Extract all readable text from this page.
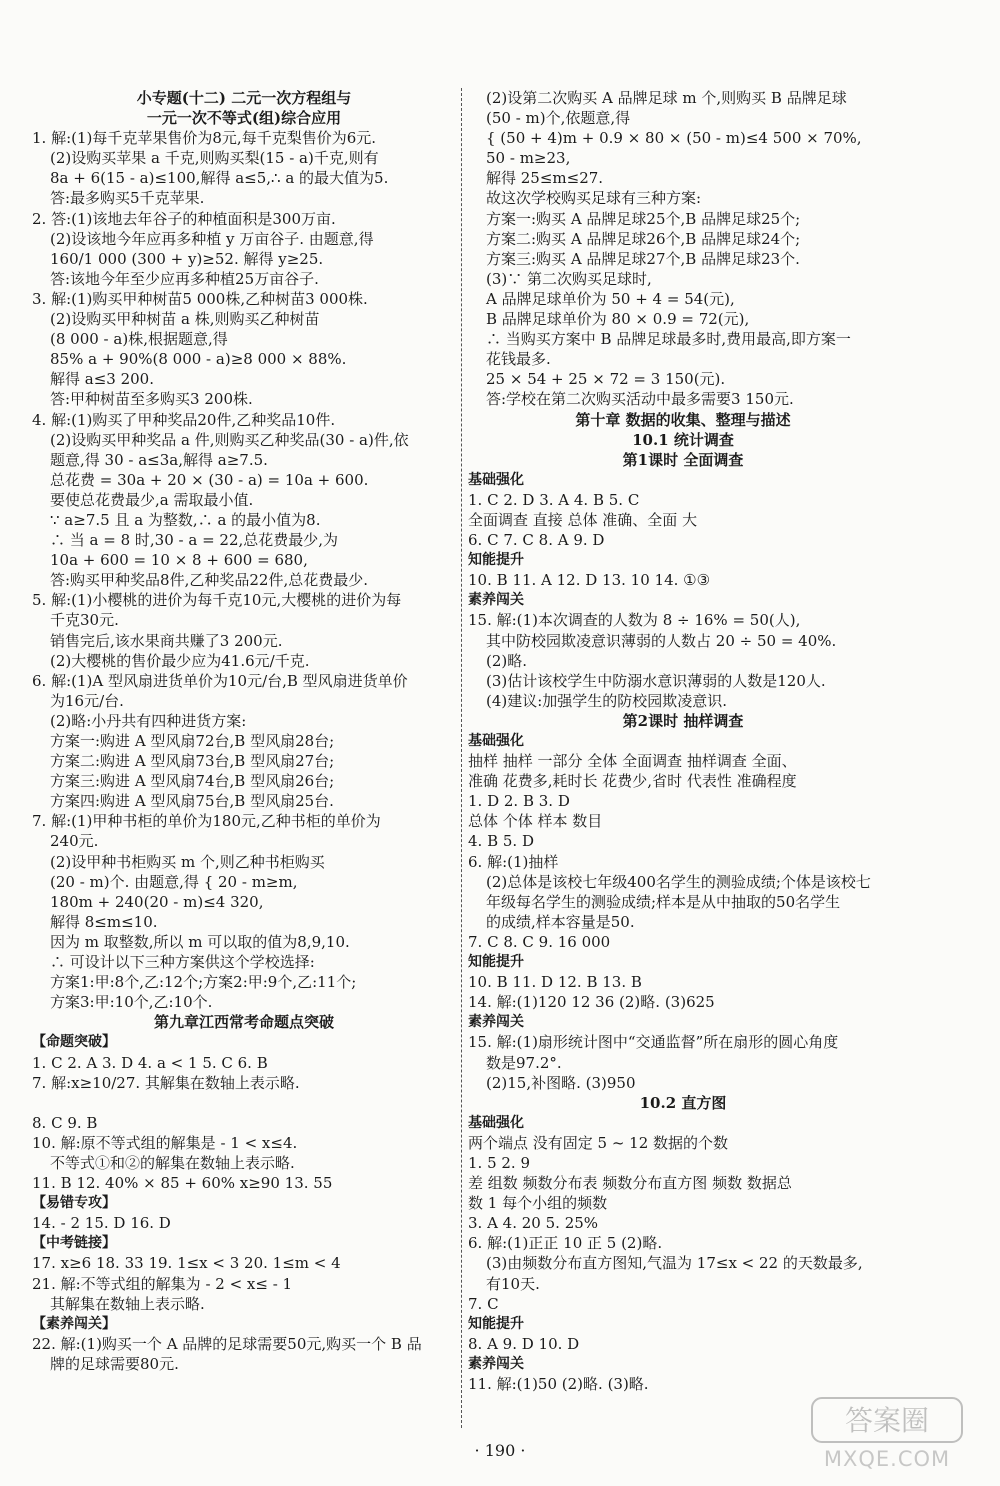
小专题(十二) 二元一次方程组与
一元一次不等式(组)综合应用
1. 解:(1)每千克苹果售价为8元,每千克梨售价为6元.
(2)设购买苹果 a 千克,则购买梨(15 - a)千克,则有
8a + 6(15 - a)≤100,解得 a≤5,∴ a 的最大值为5.
答:最多购买5千克苹果.
2. 答:(1)该地去年谷子的种植面积是300万亩.
(2)设该地今年应再多种植 y 万亩谷子. 由题意,得
160/1 000 (300 + y)≥52. 解得 y≥25.
答:该地今年至少应再多种植25万亩谷子.
3. 解:(1)购买甲种树苗5 000株,乙种树苗3 000株.
(2)设购买甲种树苗 a 株,则购买乙种树苗
(8 000 - a)株,根据题意,得
85% a + 90%(8 000 - a)≥8 000 × 88%.
解得 a≤3 200.
答:甲种树苗至多购买3 200株.
4. 解:(1)购买了甲种奖品20件,乙种奖品10件.
(2)设购买甲种奖品 a 件,则购买乙种奖品(30 - a)件,依
题意,得 30 - a≤3a,解得 a≥7.5.
总花费 = 30a + 20 × (30 - a) = 10a + 600.
要使总花费最少,a 需取最小值.
∵ a≥7.5 且 a 为整数,∴ a 的最小值为8.
∴ 当 a = 8 时,30 - a = 22,总花费最少,为
10a + 600 = 10 × 8 + 600 = 680,
答:购买甲种奖品8件,乙种奖品22件,总花费最少.
5. 解:(1)小樱桃的进价为每千克10元,大樱桃的进价为每
千克30元.
销售完后,该水果商共赚了3 200元.
(2)大樱桃的售价最少应为41.6元/千克.
6. 解:(1)A 型风扇进货单价为10元/台,B 型风扇进货单价
为16元/台.
(2)略:小丹共有四种进货方案:
方案一:购进 A 型风扇72台,B 型风扇28台;
方案二:购进 A 型风扇73台,B 型风扇27台;
方案三:购进 A 型风扇74台,B 型风扇26台;
方案四:购进 A 型风扇75台,B 型风扇25台.
7. 解:(1)甲种书柜的单价为180元,乙种书柜的单价为
240元.
(2)设甲种书柜购买 m 个,则乙种书柜购买
(20 - m)个. 由题意,得 { 20 - m≥m,
180m + 240(20 - m)≤4 320,
解得 8≤m≤10.
因为 m 取整数,所以 m 可以取的值为8,9,10.
∴ 可设计以下三种方案供这个学校选择:
方案1:甲:8个,乙:12个;方案2:甲:9个,乙:11个;
方案3:甲:10个,乙:10个.
第九章江西常考命题点突破
【命题突破】
1. C 2. A 3. D 4. a < 1 5. C 6. B
7. 解:x≥10/27. 其解集在数轴上表示略.
8. C 9. B
10. 解:原不等式组的解集是 - 1 < x≤4.
不等式①和②的解集在数轴上表示略.
11. B 12. 40% × 85 + 60% x≥90 13. 55
【易错专攻】
14. - 2 15. D 16. D
【中考链接】
17. x≥6 18. 33 19. 1≤x < 3 20. 1≤m < 4
21. 解:不等式组的解集为 - 2 < x≤ - 1
其解集在数轴上表示略.
【素养闯关】
22. 解:(1)购买一个 A 品牌的足球需要50元,购买一个 B 品
牌的足球需要80元.
(2)设第二次购买 A 品牌足球 m 个,则购买 B 品牌足球
(50 - m)个,依题意,得
{ (50 + 4)m + 0.9 × 80 × (50 - m)≤4 500 × 70%,
50 - m≥23,
解得 25≤m≤27.
故这次学校购买足球有三种方案:
方案一:购买 A 品牌足球25个,B 品牌足球25个;
方案二:购买 A 品牌足球26个,B 品牌足球24个;
方案三:购买 A 品牌足球27个,B 品牌足球23个.
(3)∵ 第二次购买足球时,
A 品牌足球单价为 50 + 4 = 54(元),
B 品牌足球单价为 80 × 0.9 = 72(元),
∴ 当购买方案中 B 品牌足球最多时,费用最高,即方案一
花钱最多.
25 × 54 + 25 × 72 = 3 150(元).
答:学校在第二次购买活动中最多需要3 150元.
第十章 数据的收集、整理与描述
10.1 统计调查
第1课时 全面调查
基础强化
1. C 2. D 3. A 4. B 5. C
全面调查 直接 总体 准确、全面 大
6. C 7. C 8. A 9. D
知能提升
10. B 11. A 12. D 13. 10 14. ①③
素养闯关
15. 解:(1)本次调查的人数为 8 ÷ 16% = 50(人),
其中防校园欺凌意识薄弱的人数占 20 ÷ 50 = 40%.
(2)略.
(3)估计该校学生中防溺水意识薄弱的人数是120人.
(4)建议:加强学生的防校园欺凌意识.
第2课时 抽样调查
基础强化
抽样 抽样 一部分 全体 全面调查 抽样调查 全面、
准确 花费多,耗时长 花费少,省时 代表性 准确程度
1. D 2. B 3. D
总体 个体 样本 数目
4. B 5. D
6. 解:(1)抽样
(2)总体是该校七年级400名学生的测验成绩;个体是该校七
年级每名学生的测验成绩;样本是从中抽取的50名学生
的成绩,样本容量是50.
7. C 8. C 9. 16 000
知能提升
10. B 11. D 12. B 13. B
14. 解:(1)120 12 36 (2)略. (3)625
素养闯关
15. 解:(1)扇形统计图中“交通监督”所在扇形的圆心角度
数是97.2°.
(2)15,补图略. (3)950
10.2 直方图
基础强化
两个端点 没有固定 5 ~ 12 数据的个数
1. 5 2. 9
差 组数 频数分布表 频数分布直方图 频数 数据总
数 1 每个小组的频数
3. A 4. 20 5. 25%
6. 解:(1)正正 10 正 5 (2)略.
(3)由频数分布直方图知,气温为 17≤x < 22 的天数最多,
有10天.
7. C
知能提升
8. A 9. D 10. D
素养闯关
11. 解:(1)50 (2)略. (3)略.
· 190 ·
答案圈
MXQE.COM
